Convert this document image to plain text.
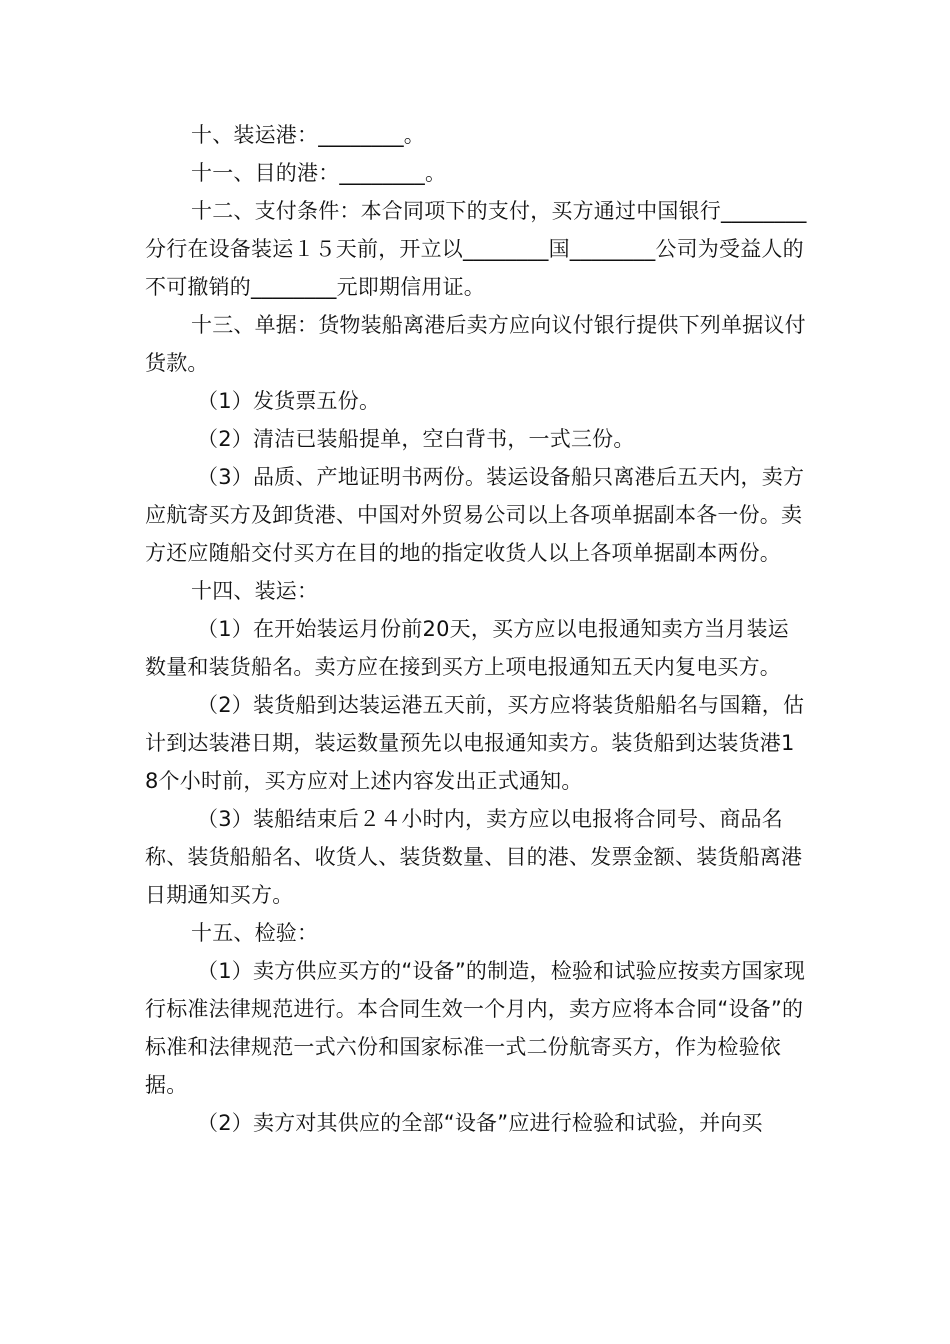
十、装运港：________。

十一、目的港：________。

十二、支付条件：本合同项下的支付，买方通过中国银行________分行在设备装运１５天前，开立以________国________公司为受益人的不可撤销的________元即期信用证。

十三、单据：货物装船离港后卖方应向议付银行提供下列单据议付货款。

（1）发货票五份。

（2）清洁已装船提单，空白背书，一式三份。

（3）品质、产地证明书两份。装运设备船只离港后五天内，卖方应航寄买方及卸货港、中国对外贸易公司以上各项单据副本各一份。卖方还应随船交付买方在目的地的指定收货人以上各项单据副本两份。

十四、装运：

（1）在开始装运月份前20天，买方应以电报通知卖方当月装运数量和装货船名。卖方应在接到买方上项电报通知五天内复电买方。

（2）装货船到达装运港五天前，买方应将装货船船名与国籍，估计到达装港日期，装运数量预先以电报通知卖方。装货船到达装货港18个小时前，买方应对上述内容发出正式通知。

（3）装船结束后２４小时内，卖方应以电报将合同号、商品名称、装货船船名、收货人、装货数量、目的港、发票金额、装货船离港日期通知买方。

十五、检验：

（1）卖方供应买方的“设备”的制造，检验和试验应按卖方国家现行标准法律规范进行。本合同生效一个月内，卖方应将本合同“设备”的标准和法律规范一式六份和国家标准一式二份航寄买方，作为检验依据。

（2）卖方对其供应的全部“设备”应进行检验和试验，并向买
